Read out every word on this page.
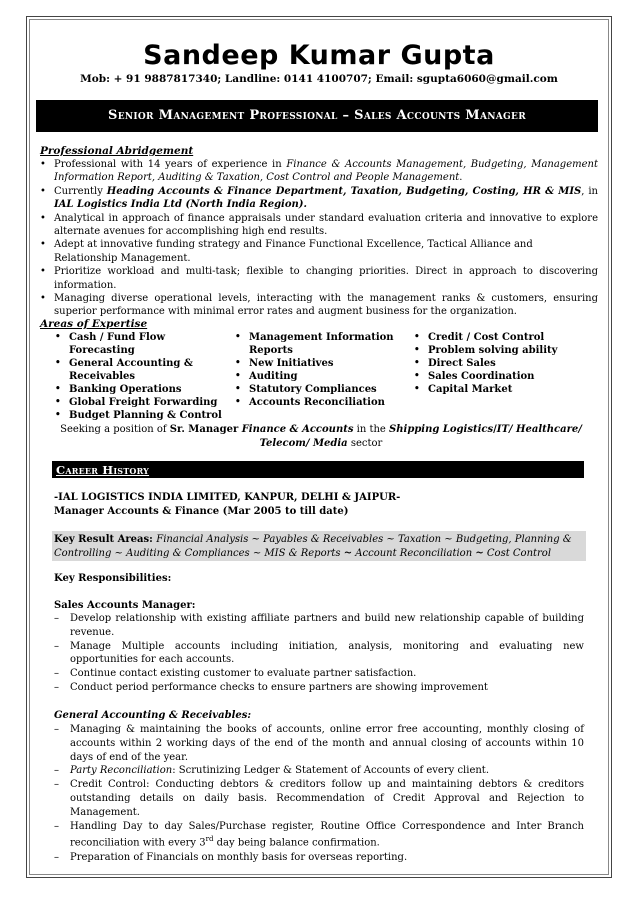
Sandeep Kumar Gupta
Mob: + 91 9887817340; Landline: 0141 4100707; Email: sgupta6060@gmail.com
Senior Management Professional – Sales Accounts Manager
Professional Abridgement
• Professional with 14 years of experience in Finance & Accounts Management, Budgeting, Management Information Report, Auditing & Taxation, Cost Control and People Management.
• Currently Heading Accounts & Finance Department, Taxation, Budgeting, Costing, HR & MIS, in IAL Logistics India Ltd (North India Region).
• Analytical in approach of finance appraisals under standard evaluation criteria and innovative to explore alternate avenues for accomplishing high end results.
• Adept at innovative funding strategy and Finance Functional Excellence, Tactical Alliance and Relationship Management.
• Prioritize workload and multi-task; flexible to changing priorities. Direct in approach to discovering information.
• Managing diverse operational levels, interacting with the management ranks & customers, ensuring superior performance with minimal error rates and augment business for the organization.
Areas of Expertise
• Cash / Fund Flow Forecasting
• General Accounting & Receivables
• Banking Operations
• Global Freight Forwarding
• Budget Planning & Control
• Management Information Reports
• New Initiatives
• Auditing
• Statutory Compliances
• Accounts Reconciliation
• Credit / Cost Control
• Problem solving ability
• Direct Sales
• Sales Coordination
• Capital Market
Seeking a position of Sr. Manager Finance & Accounts in the Shipping Logistics/IT/ Healthcare/ Telecom/ Media sector
Career History
-IAL LOGISTICS INDIA LIMITED, KANPUR, DELHI & JAIPUR-
Manager Accounts & Finance (Mar 2005 to till date)
Key Result Areas: Financial Analysis ~ Payables & Receivables ~ Taxation ~ Budgeting, Planning & Controlling ~ Auditing & Compliances ~ MIS & Reports ~ Account Reconciliation ~ Cost Control
Key Responsibilities:
Sales Accounts Manager:
– Develop relationship with existing affiliate partners and build new relationship capable of building revenue.
– Manage Multiple accounts including initiation, analysis, monitoring and evaluating new opportunities for each accounts.
– Continue contact existing customer to evaluate partner satisfaction.
– Conduct period performance checks to ensure partners are showing improvement
General Accounting & Receivables:
– Managing & maintaining the books of accounts, online error free accounting, monthly closing of accounts within 2 working days of the end of the month and annual closing of accounts within 10 days of end of the year.
– Party Reconciliation: Scrutinizing Ledger & Statement of Accounts of every client.
– Credit Control: Conducting debtors & creditors follow up and maintaining debtors & creditors outstanding details on daily basis. Recommendation of Credit Approval and Rejection to Management.
– Handling Day to day Sales/Purchase register, Routine Office Correspondence and Inter Branch reconciliation with every 3rd day being balance confirmation.
– Preparation of Financials on monthly basis for overseas reporting.
